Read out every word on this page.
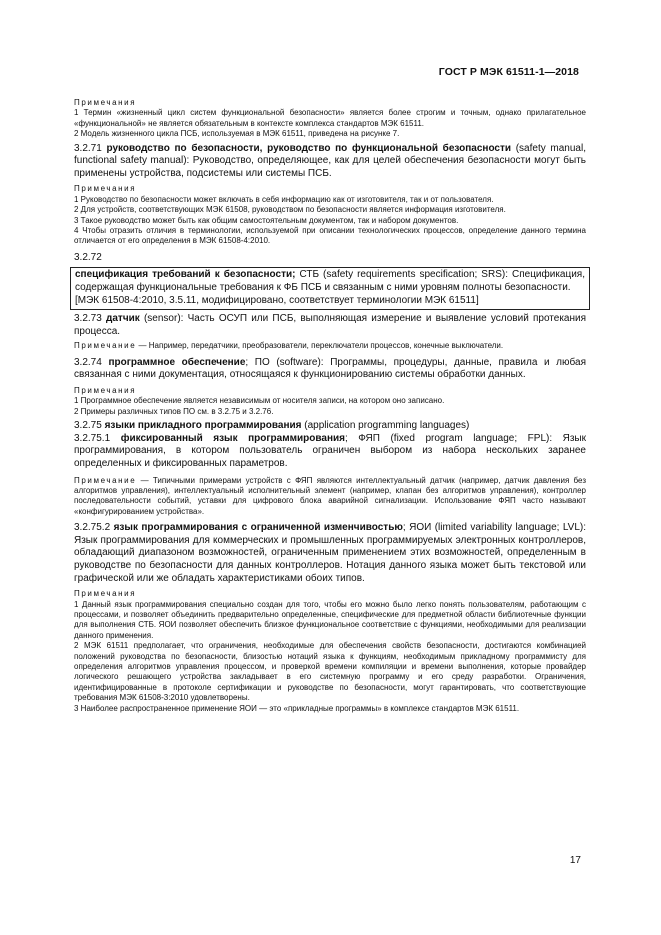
ГОСТ Р МЭК 61511-1—2018

Примечания

1 Термин «жизненный цикл систем функциональной безопасности» является более строгим и точным, однако прилагательное «функциональной» не является обязательным в контексте комплекса стандартов МЭК 61511.

2 Модель жизненного цикла ПСБ, используемая в МЭК 61511, приведена на рисунке 7.

3.2.71 руководство по безопасности, руководство по функциональной безопасности (safety manual, functional safety manual): Руководство, определяющее, как для целей обеспечения безопасности могут быть применены устройства, подсистемы или системы ПСБ.

Примечания

1 Руководство по безопасности может включать в себя информацию как от изготовителя, так и от пользователя.

2 Для устройств, соответствующих МЭК 61508, руководством по безопасности является информация изготовителя.

3 Такое руководство может быть как общим самостоятельным документом, так и набором документов.

4 Чтобы отразить отличия в терминологии, используемой при описании технологических процессов, определение данного термина отличается от его определения в МЭК 61508-4:2010.

3.2.72

спецификация требований к безопасности; СТБ (safety requirements specification; SRS): Спецификация, содержащая функциональные требования к ФБ ПСБ и связанным с ними уровням полноты безопасности.

[МЭК 61508-4:2010, 3.5.11, модифицировано, соответствует терминологии МЭК 61511]

3.2.73 датчик (sensor): Часть ОСУП или ПСБ, выполняющая измерение и выявление условий протекания процесса.

Примечание — Например, передатчики, преобразователи, переключатели процессов, конечные выключатели.

3.2.74 программное обеспечение; ПО (software): Программы, процедуры, данные, правила и любая связанная с ними документация, относящаяся к функционированию системы обработки данных.

Примечания

1 Программное обеспечение является независимым от носителя записи, на котором оно записано.

2 Примеры различных типов ПО см. в 3.2.75 и 3.2.76.

3.2.75 языки прикладного программирования (application programming languages)

3.2.75.1 фиксированный язык программирования; ФЯП (fixed program language; FPL): Язык программирования, в котором пользователь ограничен выбором из набора нескольких заранее определенных и фиксированных параметров.

Примечание — Типичными примерами устройств с ФЯП являются интеллектуальный датчик (например, датчик давления без алгоритмов управления), интеллектуальный исполнительный элемент (например, клапан без алгоритмов управления), контроллер последовательности событий, уставки для цифрового блока аварийной сигнализации. Использование ФЯП часто называют «конфигурированием устройства».

3.2.75.2 язык программирования с ограниченной изменчивостью; ЯОИ (limited variability language; LVL): Язык программирования для коммерческих и промышленных программируемых электронных контроллеров, обладающий диапазоном возможностей, ограниченным применением этих возможностей, определенным в руководстве по безопасности для данных контроллеров. Нотация данного языка может быть текстовой или графической или же обладать характеристиками обоих типов.

Примечания

1 Данный язык программирования специально создан для того, чтобы его можно было легко понять пользователям, работающим с процессами, и позволяет объединить предварительно определенные, специфические для предметной области библиотечные функции для выполнения СТБ. ЯОИ позволяет обеспечить близкое функциональное соответствие с функциями, необходимыми для реализации данного применения.

2 МЭК 61511 предполагает, что ограничения, необходимые для обеспечения свойств безопасности, достигаются комбинацией положений руководства по безопасности, близостью нотаций языка к функциям, необходимым прикладному программисту для определения алгоритмов управления процессом, и проверкой времени компиляции и времени выполнения, которые провайдер логического решающего устройства закладывает в его системную программу и его среду разработки. Ограничения, идентифицированные в протоколе сертификации и руководстве по безопасности, могут гарантировать, что соответствующие требования МЭК 61508-3:2010 удовлетворены.

3 Наиболее распространенное применение ЯОИ — это «прикладные программы» в комплексе стандартов МЭК 61511.

17
